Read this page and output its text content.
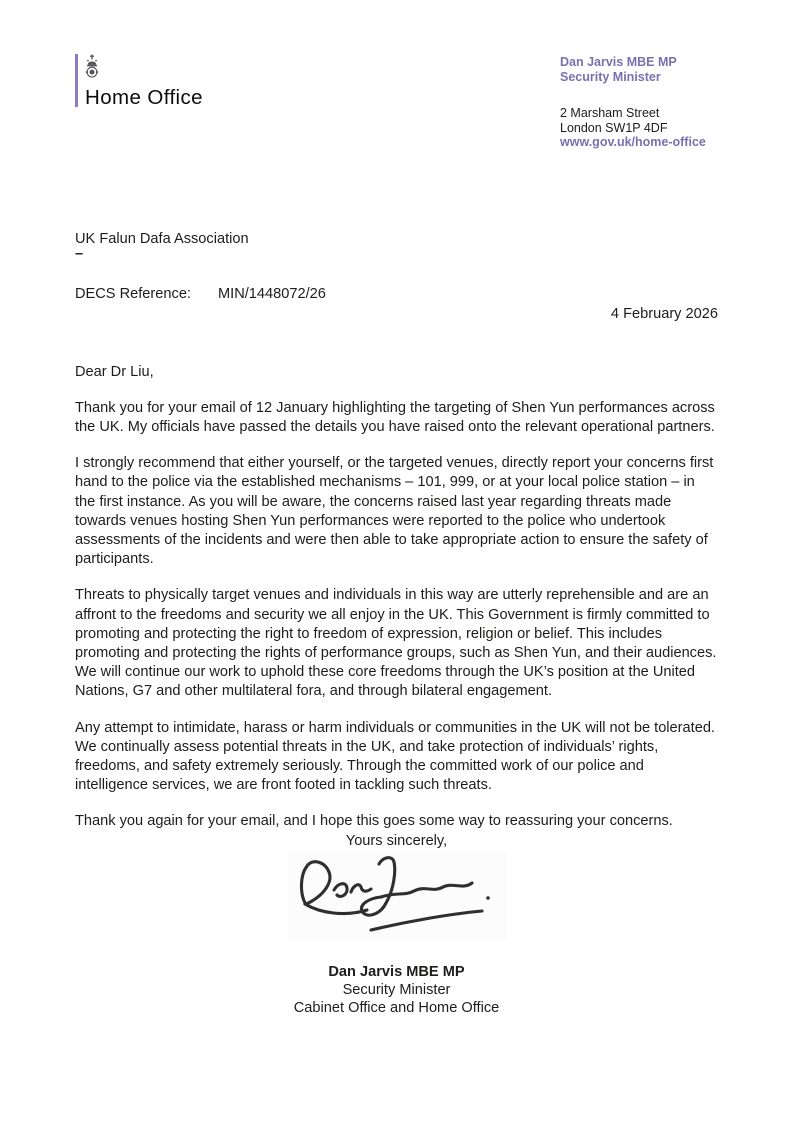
Home Office
Dan Jarvis MBE MP
Security Minister
2 Marsham Street
London SW1P 4DF
www.gov.uk/home-office
UK Falun Dafa Association
–
DECS Reference: MIN/1448072/26
4 February 2026
Dear Dr Liu,

Thank you for your email of 12 January highlighting the targeting of Shen Yun performances across the UK. My officials have passed the details you have raised onto the relevant operational partners.

I strongly recommend that either yourself, or the targeted venues, directly report your concerns first hand to the police via the established mechanisms – 101, 999, or at your local police station – in the first instance. As you will be aware, the concerns raised last year regarding threats made towards venues hosting Shen Yun performances were reported to the police who undertook assessments of the incidents and were then able to take appropriate action to ensure the safety of participants.

Threats to physically target venues and individuals in this way are utterly reprehensible and are an affront to the freedoms and security we all enjoy in the UK. This Government is firmly committed to promoting and protecting the right to freedom of expression, religion or belief. This includes promoting and protecting the rights of performance groups, such as Shen Yun, and their audiences. We will continue our work to uphold these core freedoms through the UK’s position at the United Nations, G7 and other multilateral fora, and through bilateral engagement.

Any attempt to intimidate, harass or harm individuals or communities in the UK will not be tolerated. We continually assess potential threats in the UK, and take protection of individuals’ rights, freedoms, and safety extremely seriously. Through the committed work of our police and intelligence services, we are front footed in tackling such threats.

Thank you again for your email, and I hope this goes some way to reassuring your concerns.

Yours sincerely,
Dan Jarvis MBE MP
Security Minister
Cabinet Office and Home Office
